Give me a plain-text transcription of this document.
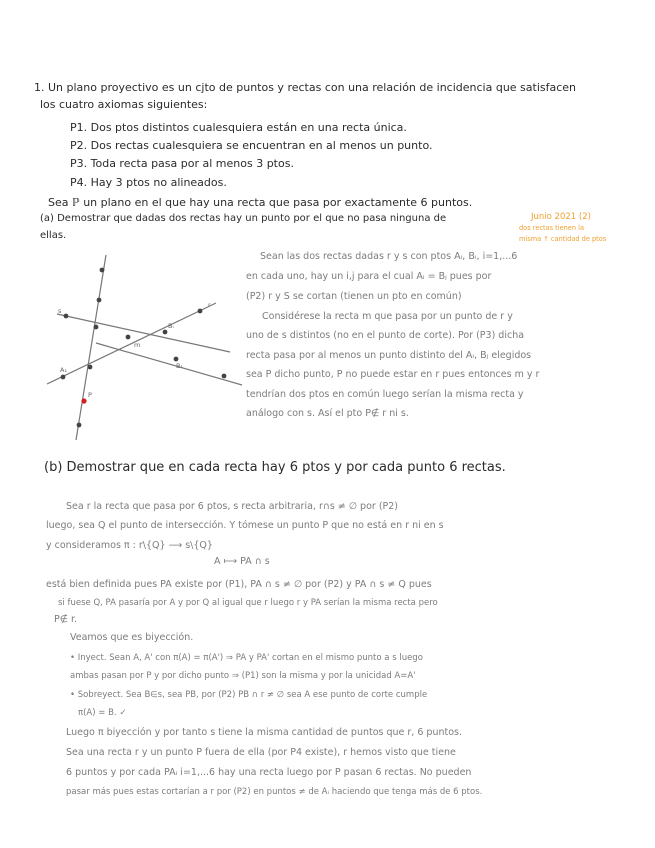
1. Un plano proyectivo es un cjto de puntos y rectas con una relación de incidencia que satisfacen
los cuatro axiomas siguientes:
P1. Dos ptos distintos cualesquiera están en una recta única.
P2. Dos rectas cualesquiera se encuentran en al menos un punto.
P3. Toda recta pasa por al menos 3 ptos.
P4. Hay 3 ptos no alineados.
Sea ℙ un plano en el que hay una recta que pasa por exactamente 6 puntos.
(a) Demostrar que dadas dos rectas hay un punto por el que no pasa ninguna de
ellas.
Junio 2021 (2)
dos rectas tienen la
misma ↑ cantidad de ptos
s
r
m
P
Bᵢ
B₁
A₁
Sean las dos rectas dadas r y s con ptos Aᵢ, Bᵢ, i=1,...6
en cada uno, hay un i,j para el cual Aᵢ = Bⱼ pues por
(P2) r y S se cortan (tienen un pto en común)
Considérese la recta m que pasa por un punto de r y
uno de s distintos (no en el punto de corte). Por (P3) dicha
recta pasa por al menos un punto distinto del Aᵢ, Bⱼ elegidos
sea P dicho punto, P no puede estar en r pues entonces m y r
tendrían dos ptos en común luego serían la misma recta y
análogo con s. Así el pto P∉ r ni s.
(b) Demostrar que en cada recta hay 6 ptos y por cada punto 6 rectas.
Sea r la recta que pasa por 6 ptos, s recta arbitraria, r∩s ≠ ∅ por (P2)
luego, sea Q el punto de intersección. Y tómese un punto P que no está en r ni en s
y consideramos π : r\{Q} ⟶ s\{Q}
A ⟼ PA ∩ s
está bien definida pues PA existe por (P1), PA ∩ s ≠ ∅ por (P2) y PA ∩ s ≠ Q pues
si fuese Q, PA pasaría por A y por Q al igual que r luego r y PA serían la misma recta pero
P∉ r.
Veamos que es biyección.
• Inyect. Sean A, A' con π(A) = π(A') ⇒ PA y PA' cortan en el mismo punto a s luego
ambas pasan por P y por dicho punto ⇒ (P1) son la misma y por la unicidad A=A'
• Sobreyect. Sea B∈s, sea PB, por (P2) PB ∩ r ≠ ∅ sea A ese punto de corte cumple
π(A) = B. ✓
Luego π biyección y por tanto s tiene la misma cantidad de puntos que r, 6 puntos.
Sea una recta r y un punto P fuera de ella (por P4 existe), r hemos visto que tiene
6 puntos y por cada PAᵢ i=1,...6 hay una recta luego por P pasan 6 rectas. No pueden
pasar más pues estas cortarían a r por (P2) en puntos ≠ de Aᵢ haciendo que tenga más de 6 ptos.
